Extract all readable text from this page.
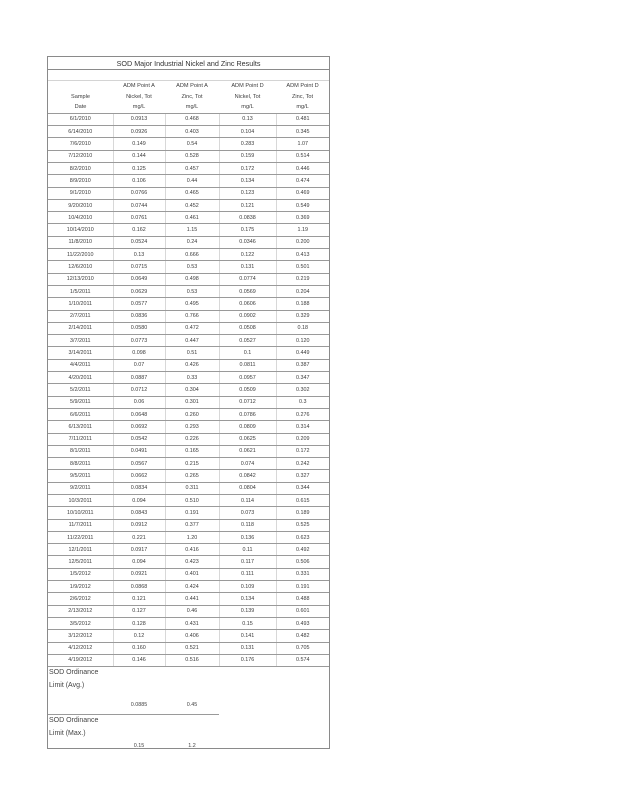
SOD Major Industrial Nickel and Zinc Results				

	ADM Point A	ADM Point A	ADM Point D	ADM Point D
Sample	Nickel, Tot	Zinc, Tot	Nickel, Tot	Zinc, Tot
Date	mg/L	mg/L	mg/L	mg/L
6/1/2010	0.0913	0.468	0.13	0.481
6/14/2010	0.0926	0.403	0.104	0.345
7/6/2010	0.149	0.54	0.283	1.07
7/12/2010	0.144	0.528	0.159	0.514
8/2/2010	0.125	0.457	0.172	0.446
8/9/2010	0.106	0.44	0.134	0.474
9/1/2010	0.0766	0.465	0.123	0.469
9/20/2010	0.0744	0.452	0.121	0.549
10/4/2010	0.0761	0.461	0.0838	0.369
10/14/2010	0.162	1.15	0.175	1.19
11/8/2010	0.0524	0.24	0.0346	0.200
11/22/2010	0.13	0.666	0.122	0.413
12/6/2010	0.0715	0.53	0.131	0.501
12/13/2010	0.0649	0.498	0.0774	0.219
1/5/2011	0.0629	0.53	0.0569	0.204
1/10/2011	0.0577	0.495	0.0606	0.188
2/7/2011	0.0836	0.766	0.0902	0.329
2/14/2011	0.0580	0.472	0.0508	0.18
3/7/2011	0.0773	0.447	0.0527	0.120
3/14/2011	0.098	0.51	0.1	0.449
4/4/2011	0.07	0.426	0.0811	0.387
4/20/2011	0.0887	0.33	0.0957	0.347
5/2/2011	0.0712	0.304	0.0509	0.302
5/9/2011	0.06	0.301	0.0712	0.3
6/6/2011	0.0648	0.260	0.0786	0.276
6/13/2011	0.0692	0.293	0.0809	0.314
7/11/2011	0.0542	0.226	0.0625	0.209
8/1/2011	0.0491	0.165	0.0621	0.172
8/8/2011	0.0567	0.215	0.074	0.242
9/5/2011	0.0662	0.265	0.0842	0.327
9/2/2011	0.0834	0.311	0.0804	0.344
10/3/2011	0.094	0.510	0.114	0.615
10/10/2011	0.0843	0.191	0.073	0.189
11/7/2011	0.0912	0.377	0.118	0.525
11/22/2011	0.221	1.20	0.136	0.623
12/1/2011	0.0917	0.416	0.11	0.492
12/5/2011	0.094	0.423	0.117	0.506
1/5/2012	0.0921	0.401	0.111	0.331
1/9/2012	0.0868	0.424	0.109	0.191
2/6/2012	0.121	0.441	0.134	0.488
2/13/2012	0.127	0.46	0.139	0.601
3/5/2012	0.128	0.431	0.15	0.493
3/12/2012	0.12	0.406	0.141	0.482
4/12/2012	0.160	0.521	0.131	0.705
4/19/2012	0.146	0.516	0.176	0.574
SOD Ordinance Limit (Avg.)	0.0885	0.45		
SOD Ordinance Limit (Max.)	0.15	1.2		
